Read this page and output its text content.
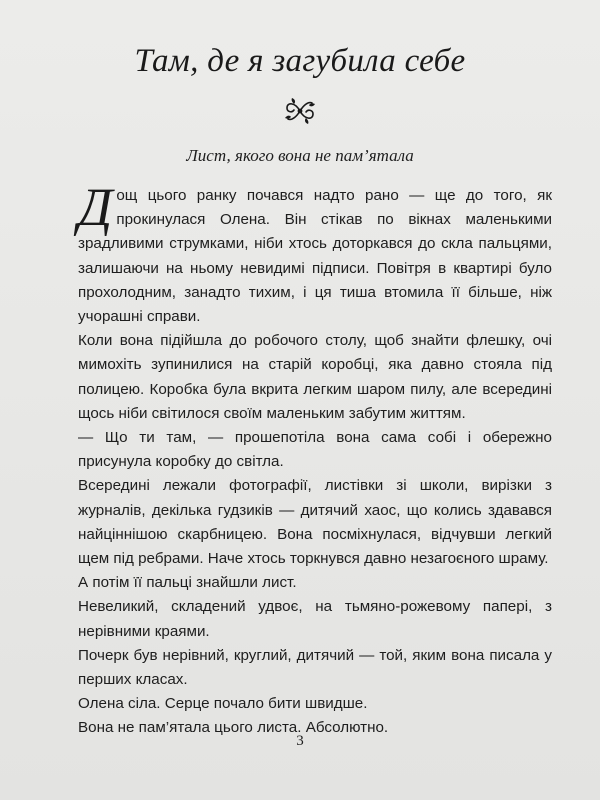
Там, де я загубила себе
Лист, якого вона не пам’ятала

Дощ цього ранку почався надто рано — ще до того, як прокинулася Олена. Він стікав по вікнах маленькими зрадливими струмками, ніби хтось доторкався до скла пальцями, залишаючи на ньому невидимі підписи. Повітря в квартирі було прохолодним, занадто тихим, і ця тиша втомила її більше, ніж учорашні справи.

Коли вона підійшла до робочого столу, щоб знайти флешку, очі мимохіть зупинилися на старій коробці, яка давно стояла під полицею. Коробка була вкрита легким шаром пилу, але всередині щось ніби світилося своїм маленьким забутим життям.

— Що ти там, — прошепотіла вона сама собі і обережно присунула коробку до світла.

Всередині лежали фотографії, листівки зі школи, вирізки з журналів, декілька гудзиків — дитячий хаос, що колись здавався найціннішою скарбницею. Вона посміхнулася, відчувши легкий щем під ребрами. Наче хтось торкнувся давно незагоєного шраму.

А потім її пальці знайшли лист.

Невеликий, складений удвоє, на тьмяно-рожевому папері, з нерівними краями.

Почерк був нерівний, круглий, дитячий — той, яким вона писала у перших класах.

Олена сіла. Серце почало бити швидше.

Вона не пам’ятала цього листа. Абсолютно.

3
